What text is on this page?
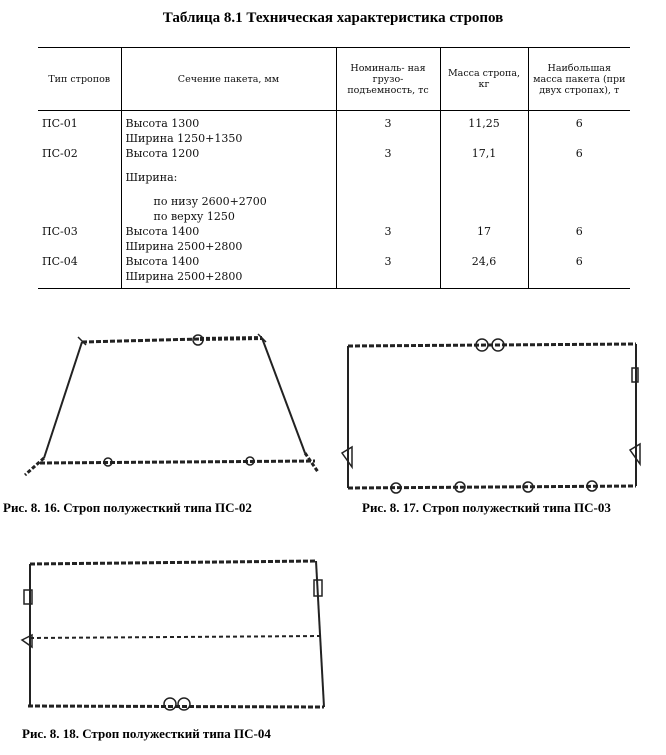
Таблица 8.1 Техническая характеристика стропов
Тип стропов	Сечение пакета, мм	Номиналь- ная грузо- подъемность, тс	Масса стропа, кг	Наибольшая масса пакета (при двух стропах), т
ПС-01	Высота 1300
Ширина 1250+1350	3	11,25	6
ПС-02	Высота 1200
Ширина:
по низу 2600+2700
по верху 1250	3	17,1	6
ПС-03	Высота 1400
Ширина 2500+2800	3	17	6
ПС-04	Высота 1400
Ширина 2500+2800	3	24,6	6
Рис. 8. 16. Строп полужесткий типа ПС-02	Рис. 8. 17. Строп полужесткий типа ПС-03
Рис. 8. 18. Строп полужесткий типа ПС-04
